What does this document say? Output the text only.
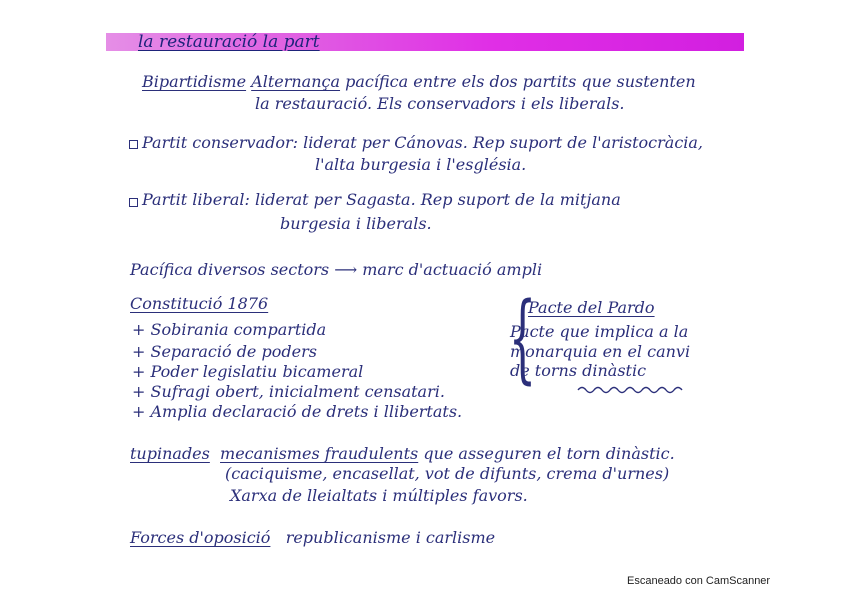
la restauració la part
Bipartidisme Alternança pacífica entre els dos partits que sustenten
la restauració. Els conservadors i els liberals.
Partit conservador: liderat per Cánovas. Rep suport de l'aristocràcia,
l'alta burgesia i l'església.
Partit liberal: liderat per Sagasta. Rep suport de la mitjana
burgesia i liberals.
Pacífica diversos sectors ⟶ marc d'actuació ampli
Constitució 1876
+ Sobirania compartida
+ Separació de poders
+ Poder legislatiu bicameral
+ Sufragi obert, inicialment censatari.
+ Amplia declaració de drets i llibertats.
{
Pacte del Pardo
Pacte que implica a la
monarquia en el canvi
de torns dinàstic
tupinades mecanismes fraudulents que asseguren el torn dinàstic.
(caciquisme, encasellat, vot de difunts, crema d'urnes)
Xarxa de lleialtats i múltiples favors.
Forces d'oposició republicanisme i carlisme
Escaneado con CamScanner
